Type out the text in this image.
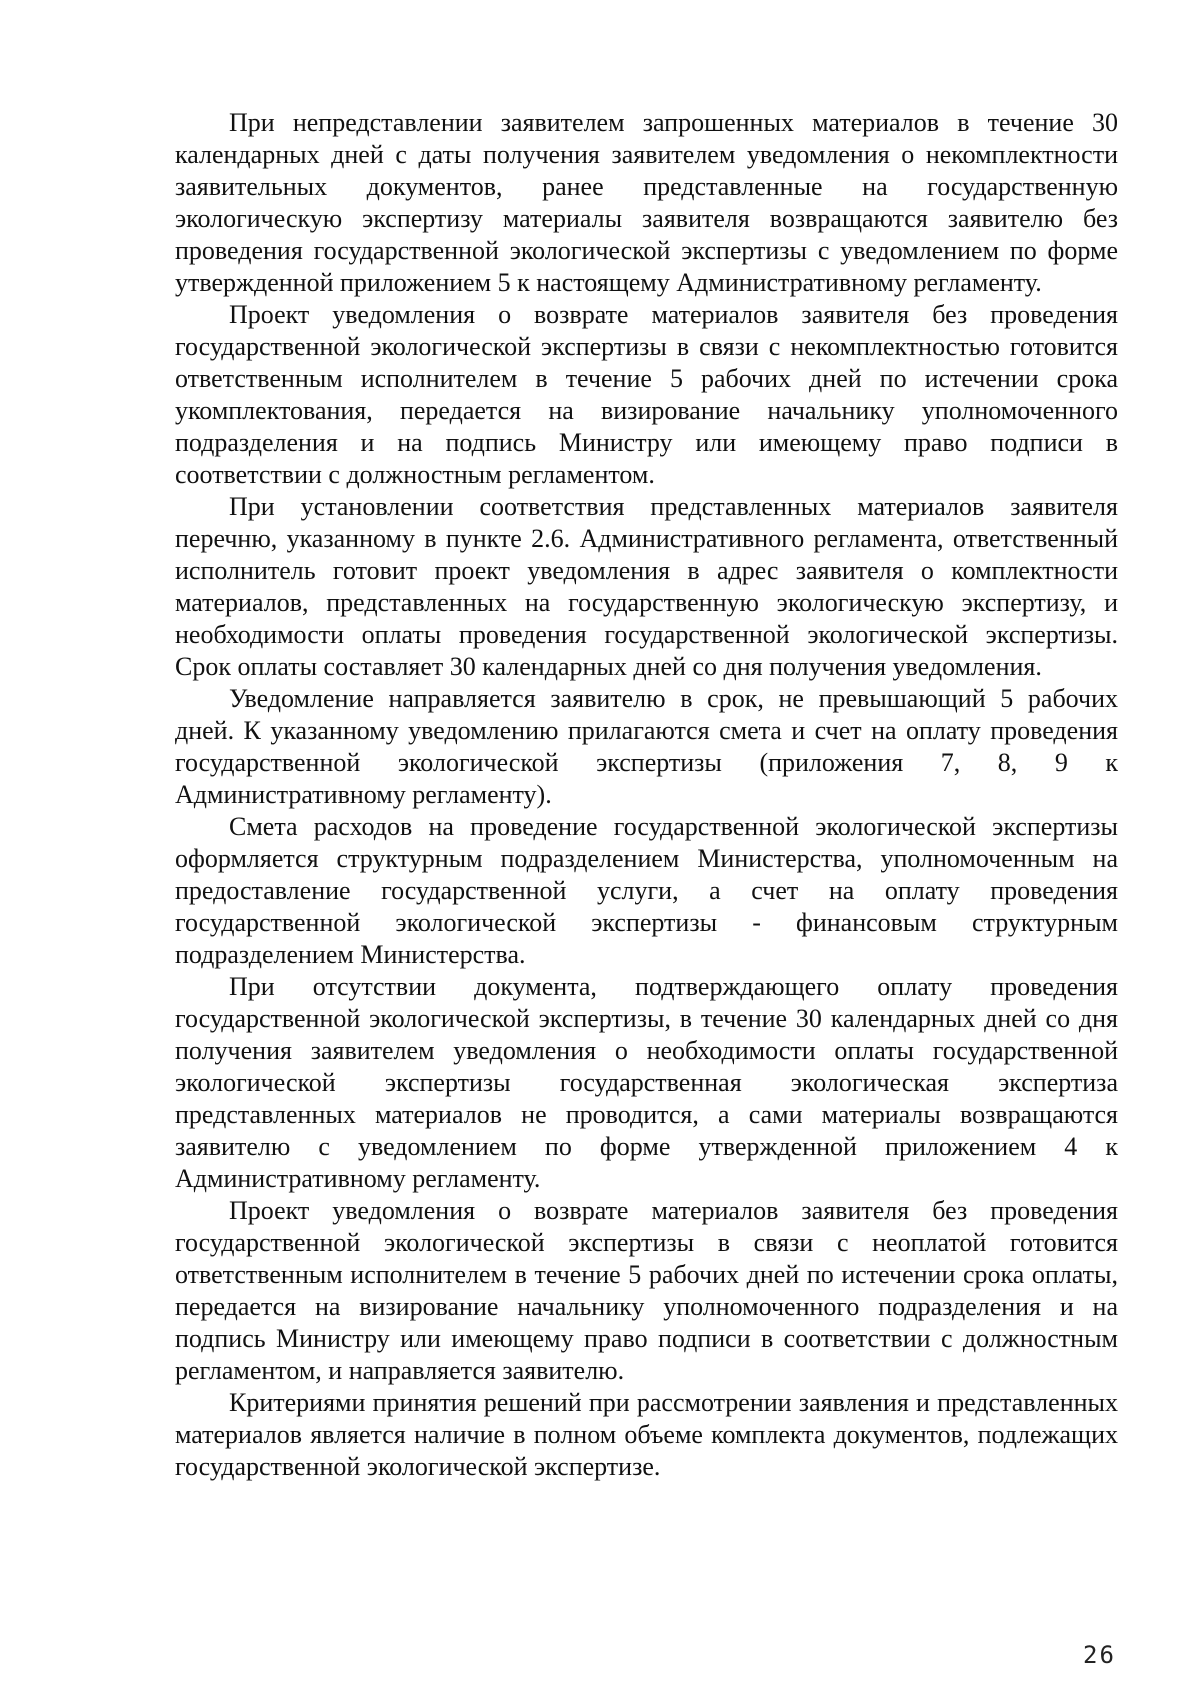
При непредставлении заявителем запрошенных материалов в течение 30 календарных дней с даты получения заявителем уведомления о некомплектности заявительных документов, ранее представленные на государственную экологическую экспертизу материалы заявителя возвращаются заявителю без проведения государственной экологической экспертизы с уведомлением по форме утвержденной приложением 5 к настоящему Административному регламенту.

Проект уведомления о возврате материалов заявителя без проведения государственной экологической экспертизы в связи с некомплектностью готовится ответственным исполнителем в течение 5 рабочих дней по истечении срока укомплектования, передается на визирование начальнику уполномоченного подразделения и на подпись Министру или имеющему право подписи в соответствии с должностным регламентом.

При установлении соответствия представленных материалов заявителя перечню, указанному в пункте 2.6. Административного регламента, ответственный исполнитель готовит проект уведомления в адрес заявителя о комплектности материалов, представленных на государственную экологическую экспертизу, и необходимости оплаты проведения государственной экологической экспертизы. Срок оплаты составляет 30 календарных дней со дня получения уведомления.

Уведомление направляется заявителю в срок, не превышающий 5 рабочих дней. К указанному уведомлению прилагаются смета и счет на оплату проведения государственной экологической экспертизы (приложения 7, 8, 9 к Административному регламенту).

Смета расходов на проведение государственной экологической экспертизы оформляется структурным подразделением Министерства, уполномоченным на предоставление государственной услуги, а счет на оплату проведения государственной экологической экспертизы - финансовым структурным подразделением Министерства.

При отсутствии документа, подтверждающего оплату проведения государственной экологической экспертизы, в течение 30 календарных дней со дня получения заявителем уведомления о необходимости оплаты государственной экологической экспертизы государственная экологическая экспертиза представленных материалов не проводится, а сами материалы возвращаются заявителю с уведомлением по форме утвержденной приложением 4 к Административному регламенту.

Проект уведомления о возврате материалов заявителя без проведения государственной экологической экспертизы в связи с неоплатой готовится ответственным исполнителем в течение 5 рабочих дней по истечении срока оплаты, передается на визирование начальнику уполномоченного подразделения и на подпись Министру или имеющему право подписи в соответствии с должностным регламентом, и направляется заявителю.

Критериями принятия решений при рассмотрении заявления и представленных материалов является наличие в полном объеме комплекта документов, подлежащих государственной экологической экспертизе.

26
